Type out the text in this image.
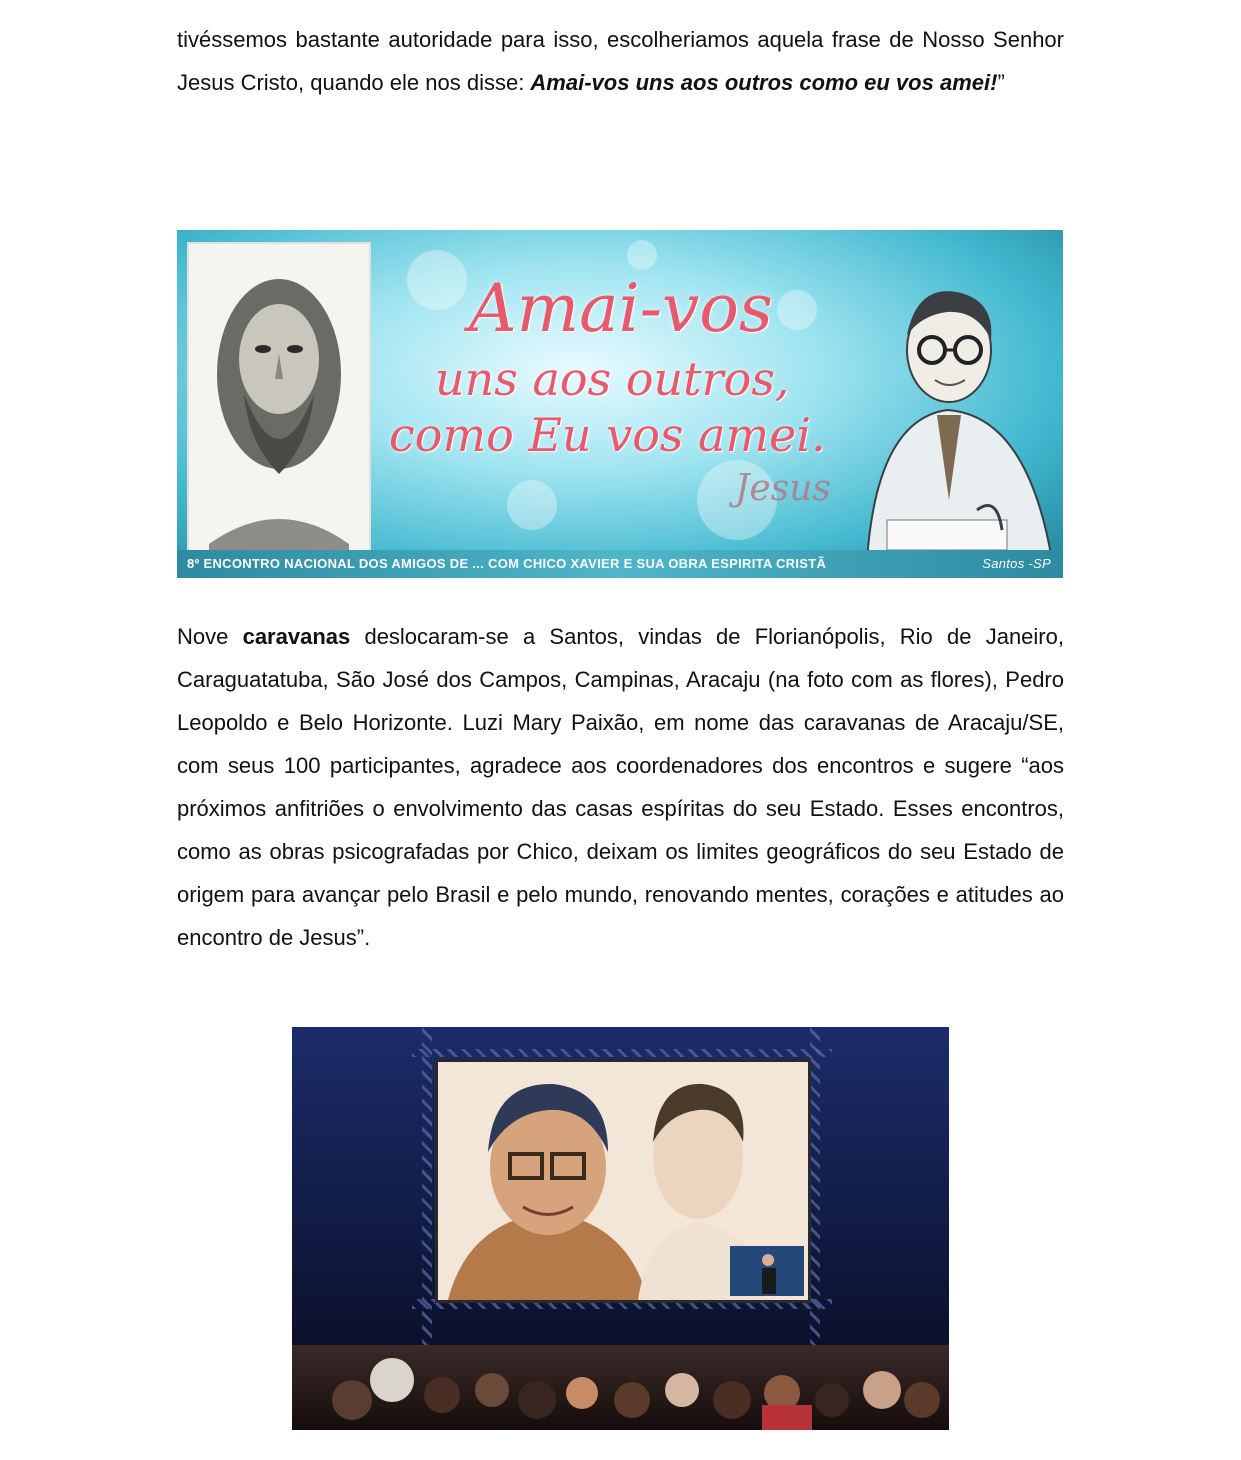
tivéssemos bastante autoridade para isso, escolheriamos aquela frase de Nosso Senhor Jesus Cristo, quando ele nos disse: Amai-vos uns aos outros como eu vos amei!”

Amai-vos
uns aos outros,
como Eu vos amei.
Jesus
8º ENCONTRO NACIONAL DOS AMIGOS DE ... COM CHICO XAVIER E SUA OBRA ESPIRITA CRISTÃ	Santos -SP

Nove caravanas deslocaram-se a Santos, vindas de Florianópolis, Rio de Janeiro, Caraguatatuba, São José dos Campos, Campinas, Aracaju (na foto com as flores), Pedro Leopoldo e Belo Horizonte. Luzi Mary Paixão, em nome das caravanas de Aracaju/SE, com seus 100 participantes, agradece aos coordenadores dos encontros e sugere “aos próximos anfitriões o envolvimento das casas espíritas do seu Estado. Esses encontros, como as obras psicografadas por Chico, deixam os limites geográficos do seu Estado de origem para avançar pelo Brasil e pelo mundo, renovando mentes, corações e atitudes ao encontro de Jesus”.
